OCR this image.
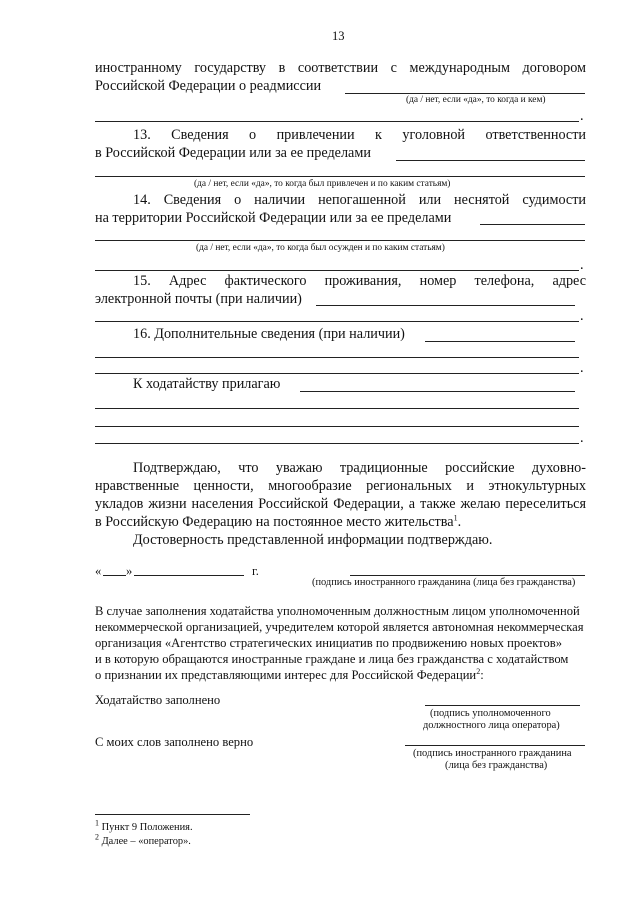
13
иностранному государству в соответствии с международным договором
Российской Федерации о реадмиссии
(да / нет, если «да», то когда и кем)
.
13. Сведения о привлечении к уголовной ответственности
в Российской Федерации или за ее пределами
(да / нет, если «да», то когда был привлечен и по каким статьям)
14. Сведения о наличии непогашенной или неснятой судимости
на территории Российской Федерации или за ее пределами
(да / нет, если «да», то когда был осужден и по каким статьям)
.
15. Адрес фактического проживания, номер телефона, адрес
электронной почты (при наличии)
.
16. Дополнительные сведения (при наличии)
.
К ходатайству прилагаю
.
Подтверждаю, что уважаю традиционные российские духовно-
нравственные ценности, многообразие региональных и этнокультурных
укладов жизни населения Российской Федерации, а также желаю переселиться
в Российскую Федерацию на постоянное место жительства$^1$.
Достоверность представленной информации подтверждаю.
« »	г.
(подпись иностранного гражданина (лица без гражданства)
В случае заполнения ходатайства уполномоченным должностным лицом уполномоченной
некоммерческой организацией, учредителем которой является автономная некоммерческая
организация «Агентство стратегических инициатив по продвижению новых проектов»
и в которую обращаются иностранные граждане и лица без гражданства с ходатайством
о признании их представляющими интерес для Российской Федерации$^2$:
Ходатайство заполнено
(подпись уполномоченного
должностного лица оператора)
С моих слов заполнено верно
(подпись иностранного гражданина
(лица без гражданства)
$^1$ Пункт 9 Положения.
$^2$ Далее – «оператор».
